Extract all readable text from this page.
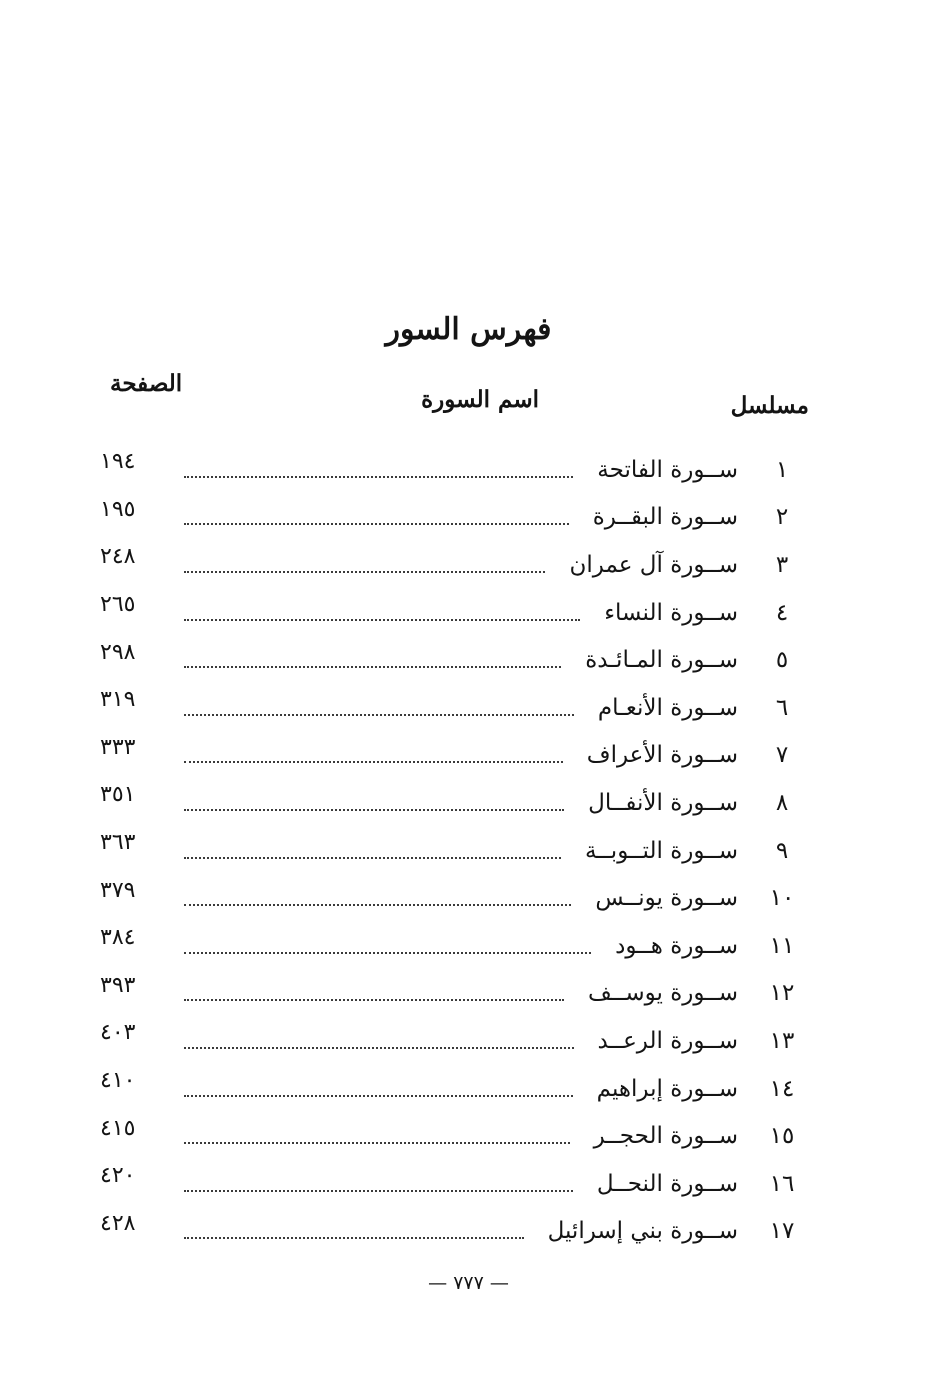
فهرس السور
مسلسل
اسم السورة
الصفحة
١
ســورة الفاتحة
١٩٤
٢
ســورة البقــرة
١٩٥
٣
ســورة آل عمران
٢٤٨
٤
ســورة النساء
٢٦٥
٥
ســورة المـائـدة
٢٩٨
٦
ســورة الأنعـام
٣١٩
٧
ســورة الأعراف
٣٣٣
٨
ســورة الأنفــال
٣٥١
٩
ســورة التــوبــة
٣٦٣
١٠
ســورة يونــس
٣٧٩
١١
ســورة هــود
٣٨٤
١٢
ســورة يوســف
٣٩٣
١٣
ســورة الرعــد
٤٠٣
١٤
ســورة إبراهيم
٤١٠
١٥
ســورة الحجــر
٤١٥
١٦
ســورة النحــل
٤٢٠
١٧
ســورة بني إسرائيل
٤٢٨
— ٧٧٧ —
